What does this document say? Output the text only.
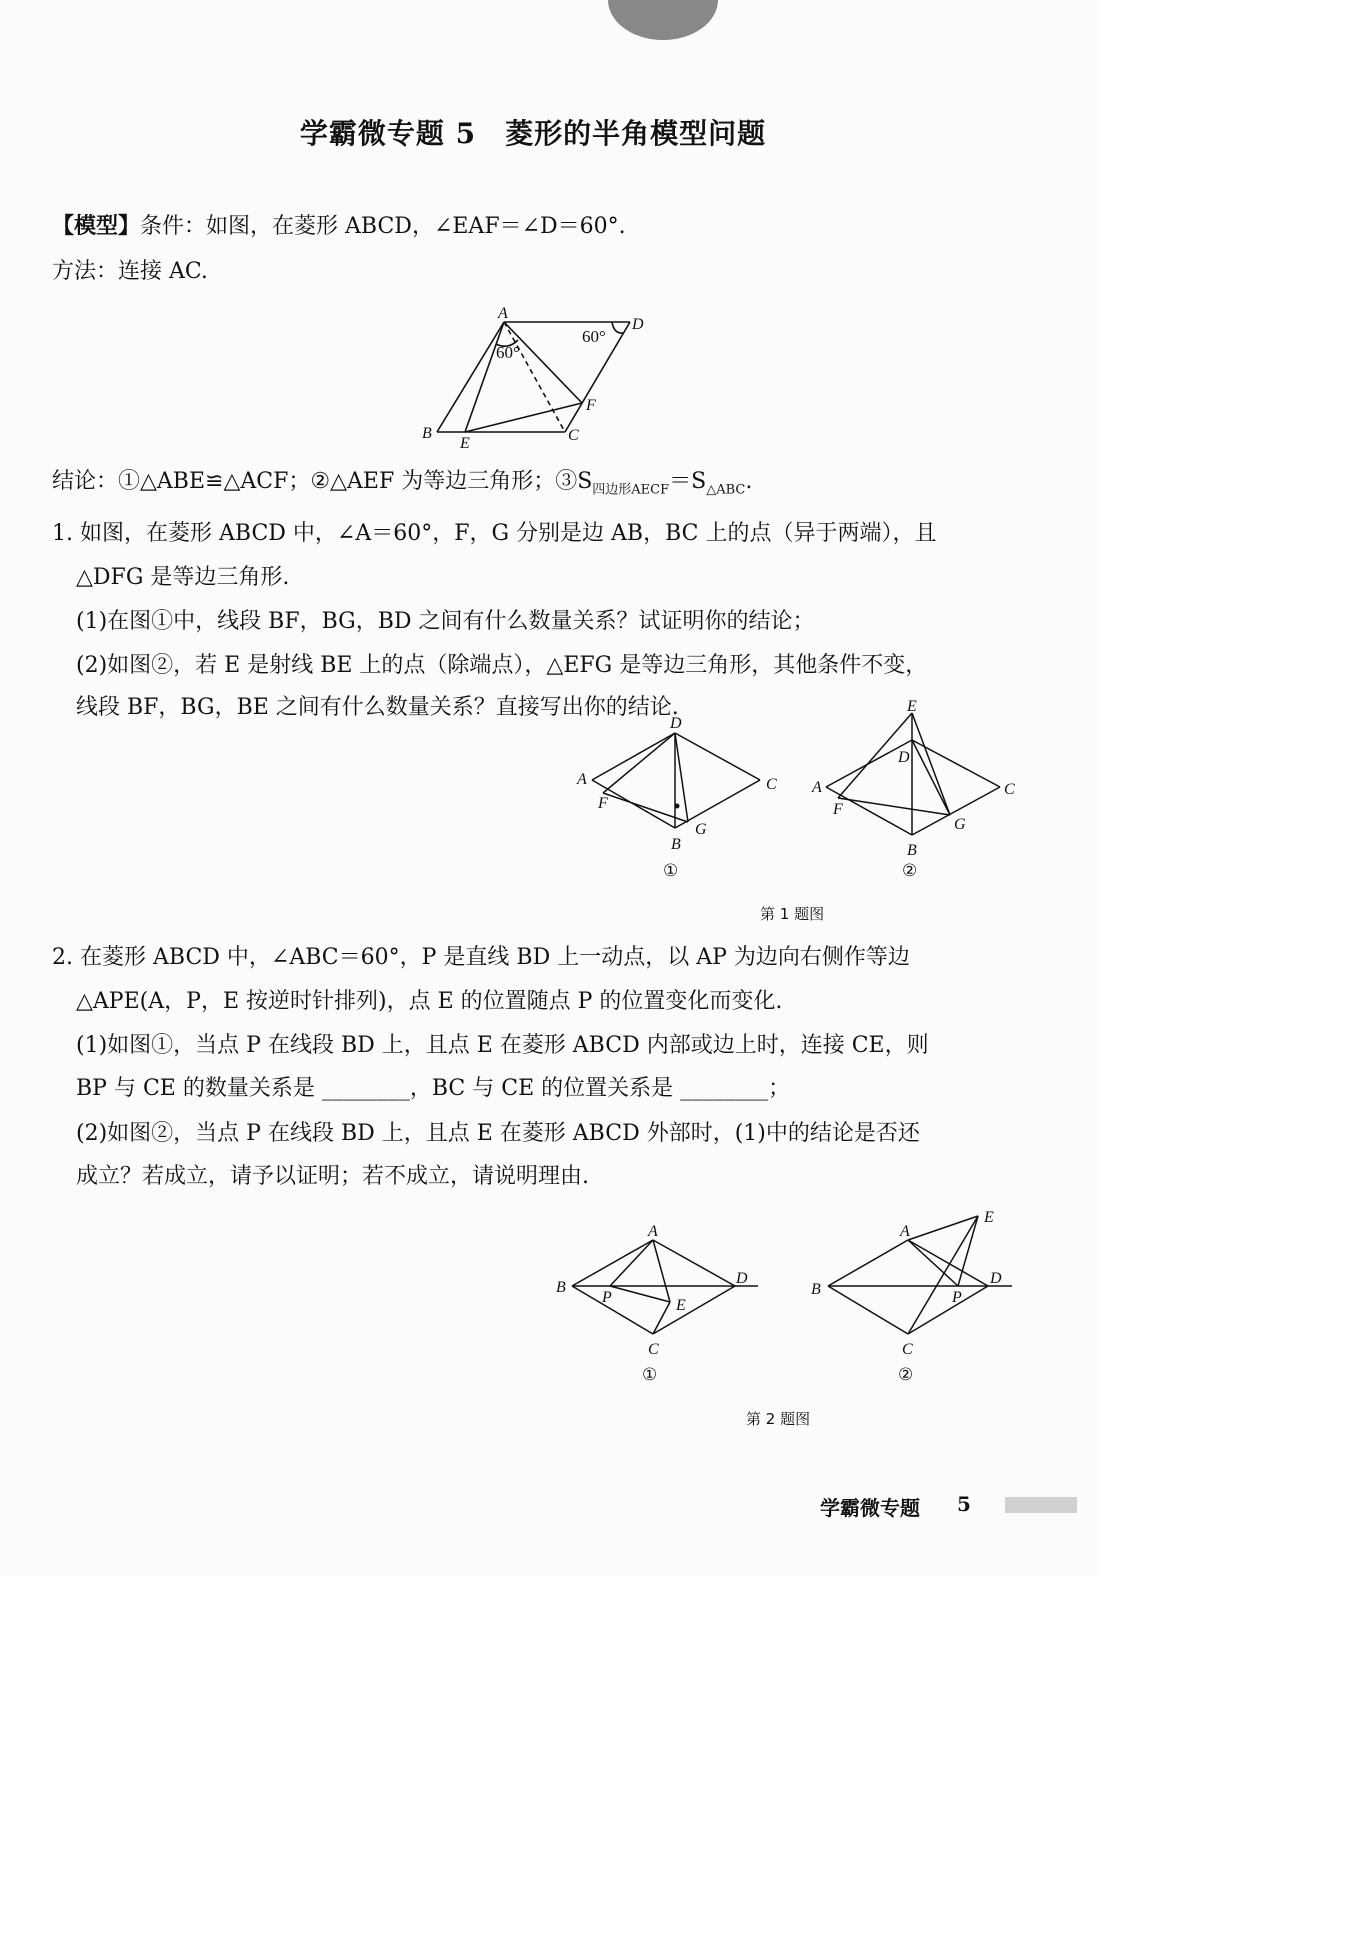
学霸微专题 5　菱形的半角模型问题
【模型】条件：如图，在菱形 ABCD，∠EAF＝∠D＝60°.
方法：连接 AC.
A
B	C
D
E
F
60°
60°
结论：①△ABE≌△ACF；②△AEF 为等边三角形；$③S_{四边形AECF}=S_{\triangle ABC}$.
1. 如图，在菱形 ABCD 中，∠A＝60°，F，G 分别是边 AB，BC 上的点（异于两端），且
△DFG 是等边三角形.
(1)在图①中，线段 BF，BG，BD 之间有什么数量关系？试证明你的结论；
(2)如图②，若 E 是射线 BE 上的点（除端点），△EFG 是等边三角形，其他条件不变，
线段 BF，BG，BE 之间有什么数量关系？直接写出你的结论.
A
B
C
D
F
G
①
A
B
C
D
E
F
G
②
第 1 题图
2. 在菱形 ABCD 中，∠ABC＝60°，P 是直线 BD 上一动点，以 AP 为边向右侧作等边
△APE(A，P，E 按逆时针排列)，点 E 的位置随点 P 的位置变化而变化.
(1)如图①，当点 P 在线段 BD 上，且点 E 在菱形 ABCD 内部或边上时，连接 CE，则
BP 与 CE 的数量关系是 ________，BC 与 CE 的位置关系是 ________；
(2)如图②，当点 P 在线段 BD 上，且点 E 在菱形 ABCD 外部时，(1)中的结论是否还
成立？若成立，请予以证明；若不成立，请说明理由.
A
B
C
D
E
P
①
A
B
C
D
E
P
②
第 2 题图
学霸微专题 5
